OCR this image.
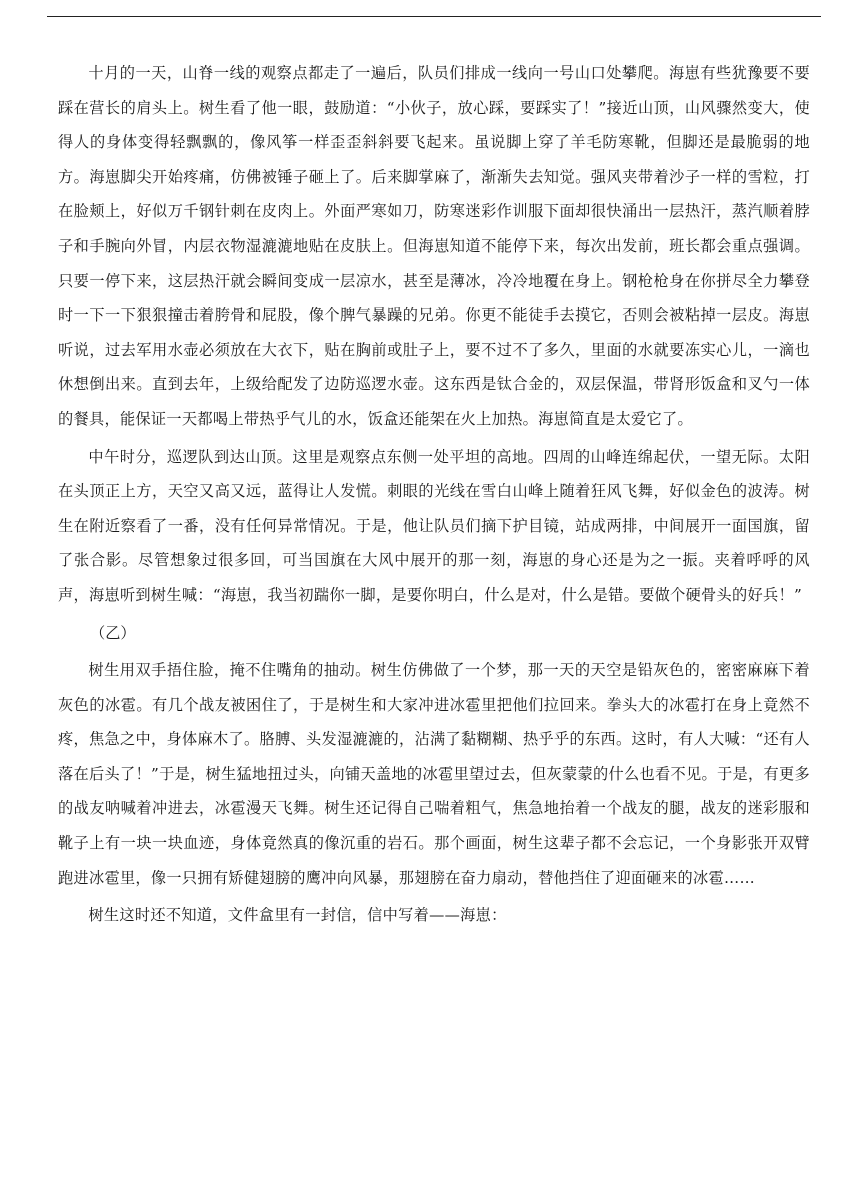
十月的一天，山脊一线的观察点都走了一遍后，队员们排成一线向一号山口处攀爬。海崽有些犹豫要不要踩在营长的肩头上。树生看了他一眼，鼓励道：“小伙子，放心踩，要踩实了！”接近山顶，山风骤然变大，使得人的身体变得轻飘飘的，像风筝一样歪歪斜斜要飞起来。虽说脚上穿了羊毛防寒靴，但脚还是最脆弱的地方。海崽脚尖开始疼痛，仿佛被锤子砸上了。后来脚掌麻了，渐渐失去知觉。强风夹带着沙子一样的雪粒，打在脸颊上，好似万千钢针刺在皮肉上。外面严寒如刀，防寒迷彩作训服下面却很快涌出一层热汗，蒸汽顺着脖子和手腕向外冒，内层衣物湿漉漉地贴在皮肤上。但海崽知道不能停下来，每次出发前，班长都会重点强调。只要一停下来，这层热汗就会瞬间变成一层凉水，甚至是薄冰，冷冷地覆在身上。钢枪枪身在你拼尽全力攀登时一下一下狠狠撞击着胯骨和屁股，像个脾气暴躁的兄弟。你更不能徒手去摸它，否则会被粘掉一层皮。海崽听说，过去军用水壶必须放在大衣下，贴在胸前或肚子上，要不过不了多久，里面的水就要冻实心儿，一滴也休想倒出来。直到去年，上级给配发了边防巡逻水壶。这东西是钛合金的，双层保温，带肾形饭盒和叉勺一体的餐具，能保证一天都喝上带热乎气儿的水，饭盒还能架在火上加热。海崽简直是太爱它了。

中午时分，巡逻队到达山顶。这里是观察点东侧一处平坦的高地。四周的山峰连绵起伏，一望无际。太阳在头顶正上方，天空又高又远，蓝得让人发慌。刺眼的光线在雪白山峰上随着狂风飞舞，好似金色的波涛。树生在附近察看了一番，没有任何异常情况。于是，他让队员们摘下护目镜，站成两排，中间展开一面国旗，留了张合影。尽管想象过很多回，可当国旗在大风中展开的那一刻，海崽的身心还是为之一振。夹着呼呼的风声，海崽听到树生喊：“海崽，我当初踹你一脚，是要你明白，什么是对，什么是错。要做个硬骨头的好兵！”

（乙）

树生用双手捂住脸，掩不住嘴角的抽动。树生仿佛做了一个梦，那一天的天空是铅灰色的，密密麻麻下着灰色的冰雹。有几个战友被困住了，于是树生和大家冲进冰雹里把他们拉回来。拳头大的冰雹打在身上竟然不疼，焦急之中，身体麻木了。胳膊、头发湿漉漉的，沾满了黏糊糊、热乎乎的东西。这时，有人大喊：“还有人落在后头了！”于是，树生猛地扭过头，向铺天盖地的冰雹里望过去，但灰蒙蒙的什么也看不见。于是，有更多的战友呐喊着冲进去，冰雹漫天飞舞。树生还记得自己喘着粗气，焦急地抬着一个战友的腿，战友的迷彩服和靴子上有一块一块血迹，身体竟然真的像沉重的岩石。那个画面，树生这辈子都不会忘记，一个身影张开双臂跑进冰雹里，像一只拥有矫健翅膀的鹰冲向风暴，那翅膀在奋力扇动，替他挡住了迎面砸来的冰雹……

树生这时还不知道，文件盒里有一封信，信中写着——海崽：
